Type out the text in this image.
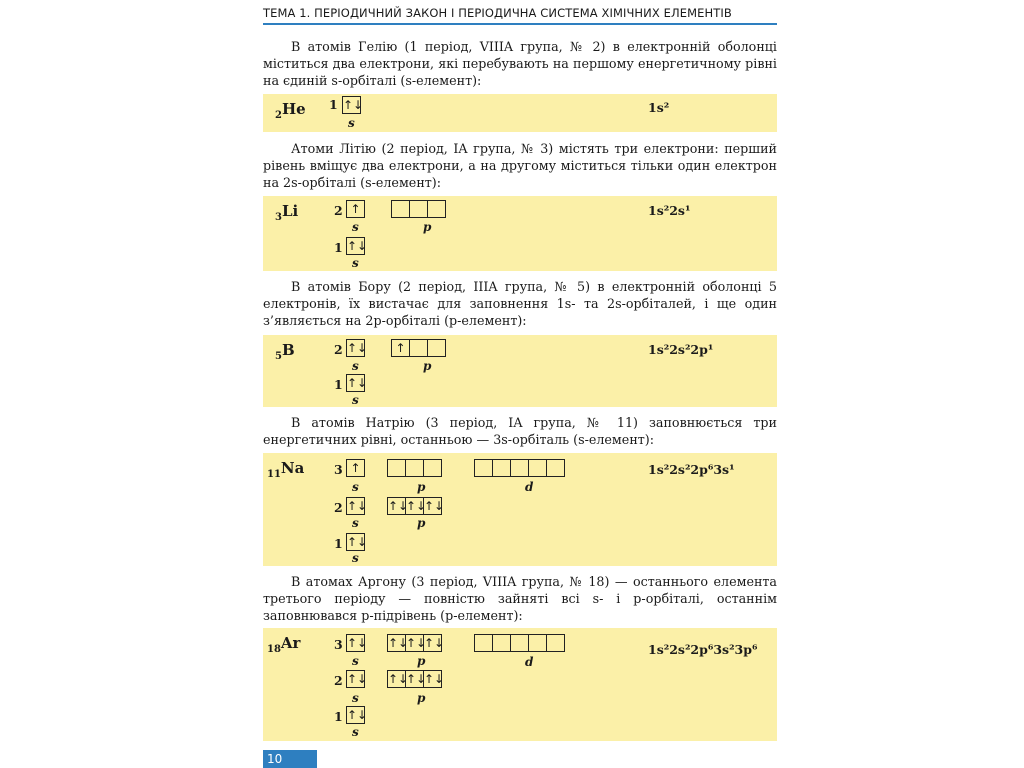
ТЕМА 1. ПЕРІОДИЧНИЙ ЗАКОН І ПЕРІОДИЧНА СИСТЕМА ХІМІЧНИХ ЕЛЕМЕНТІВ
В атомів Гелію (1 період, VIIIA група, № 2) в електронній оболонці міститься два електрони, які перебувають на першому енергетичному рівні на єдиній s-орбіталі (s-елемент):
$_2$He 1 ↑↓
s
1s²
Атоми Літію (2 період, IA група, № 3) містять три електрони: перший рівень вміщує два електрони, а на другому міститься тільки один електрон на 2s-орбіталі (s-елемент):
$_3$Li	2 ↑
s	p
1 ↑↓
s
1s²2s¹
В атомів Бору (2 період, IIIA група, № 5) в електронній оболонці 5 електронів, їх вистачає для заповнення 1s- та 2s-орбіталей, і ще один з’являється на 2p-орбіталі (p-елемент):
$_5$B	2 ↑↓	↑
s	p
1 ↑↓
s
1s²2s²2p¹
В атомів Натрію (3 період, IA група, № 11) заповнюється три енергетичних рівні, останньою — 3s-орбіталь (s-елемент):
$_{11}$Na 3 ↑
s	p	d
2 ↑↓ ↑↓
↑↓
↑↓
s	p
1 ↑↓
s
1s²2s²2p⁶3s¹
В атомах Аргону (3 період, VIIIA група, № 18) — останнього елемента третього періоду — повністю зайняті всі s- і p-орбіталі, останнім заповнювався p-підрівень (p-елемент):
$_{18}$Ar	3 ↑↓ ↑↓
↑↓
↑↓
s	p	d
2 ↑↓ ↑↓
↑↓
↑↓
s	p
1 ↑↓
s
1s²2s²2p⁶3s²3p⁶
10
